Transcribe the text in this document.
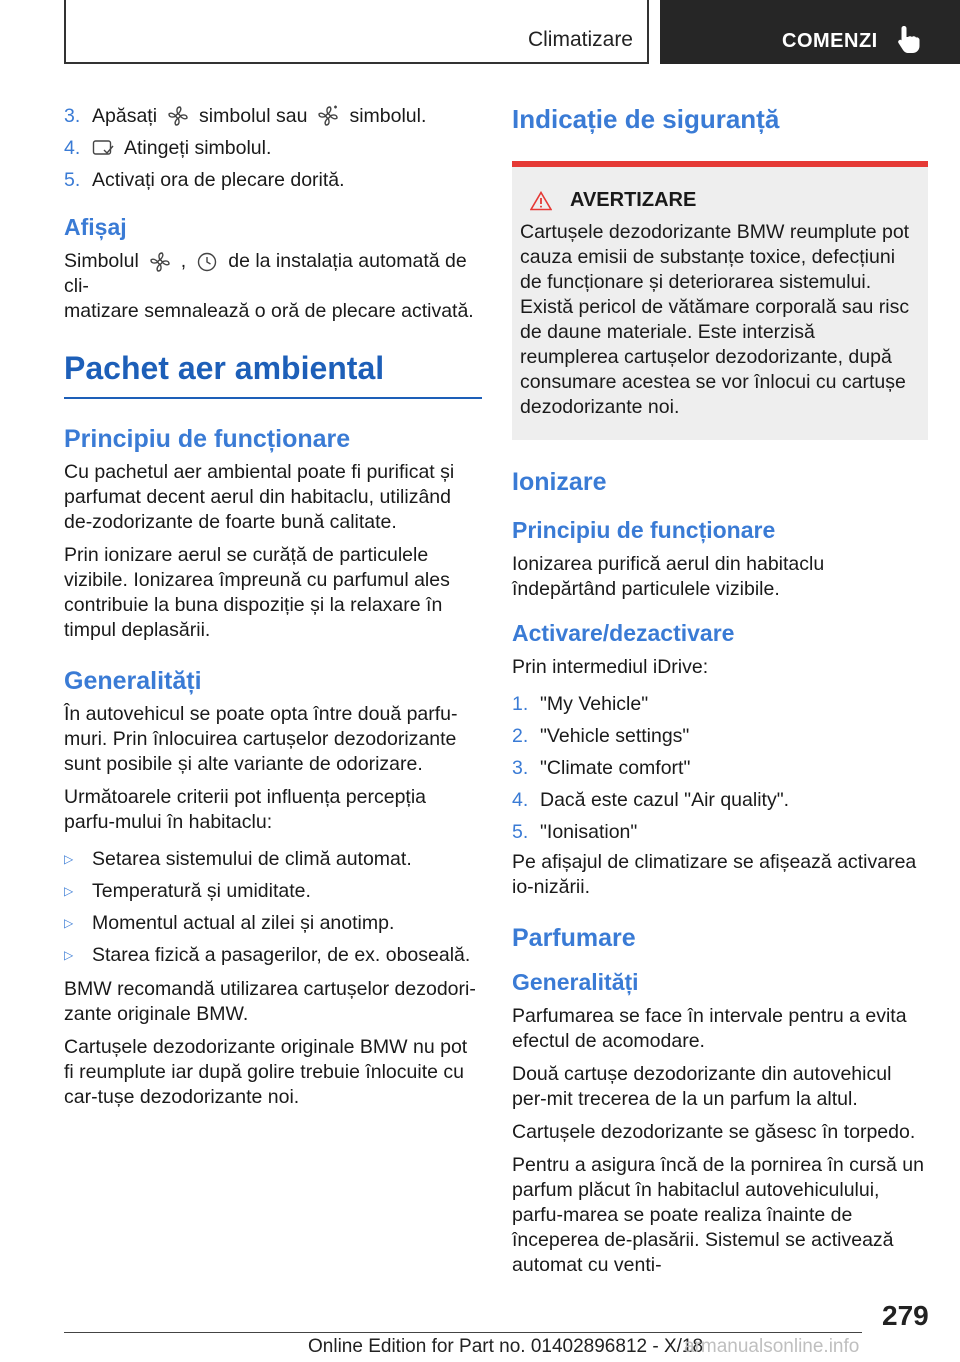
Climatizare	COMENZI
3. Apăsați simbolul sau simbolul.
4.	Atingeți simbolul.
5. Activați ora de plecare dorită.
Afișaj

Simbolul , de la instalația automată de cli-
matizare semnalează o oră de plecare activată.

Pachet aer ambiental
Principiu de funcționare

Cu pachetul aer ambiental poate fi purificat și parfumat decent aerul din habitaclu, utilizând de-zodorizante de foarte bună calitate.

Prin ionizare aerul se curăță de particulele vizibile. Ionizarea împreună cu parfumul ales contribuie la buna dispoziție și la relaxare în timpul deplasării.

Generalități

În autovehicul se poate opta între două parfu-muri. Prin înlocuirea cartușelor dezodorizante sunt posibile și alte variante de odorizare.

Următoarele criterii pot influența percepția parfu-mului în habitaclu:

▷ Setarea sistemului de climă automat.
▷ Temperatură și umiditate.
▷ Momentul actual al zilei și anotimp.
▷ Starea fizică a pasagerilor, de ex. oboseală.

BMW recomandă utilizarea cartușelor dezodori-zante originale BMW.

Cartușele dezodorizante originale BMW nu pot fi reumplute iar după golire trebuie înlocuite cu car-tușe dezodorizante noi.

Indicație de siguranță
AVERTIZARE

Cartușele dezodorizante BMW reumplute pot cauza emisii de substanțe toxice, defecțiuni de funcționare și deteriorarea sistemului. Există pericol de vătămare corporală sau risc de daune materiale. Este interzisă reumplerea cartușelor dezodorizante, după consumare acestea se vor înlocui cu cartușe dezodorizante noi.

Ionizare
Principiu de funcționare

Ionizarea purifică aerul din habitaclu îndepărtând particulele vizibile.

Activare/dezactivare

Prin intermediul iDrive:

1. "My Vehicle"
2. "Vehicle settings"
3. "Climate comfort"
4. Dacă este cazul "Air quality".
5. "Ionisation"

Pe afișajul de climatizare se afișează activarea io-nizării.

Parfumare
Generalități

Parfumarea se face în intervale pentru a evita efectul de acomodare.

Două cartușe dezodorizante din autovehicul per-mit trecerea de la un parfum la altul.

Cartușele dezodorizante se găsesc în torpedo.

Pentru a asigura încă de la pornirea în cursă un parfum plăcut în habitaclul autovehiculului, parfu-marea se poate realiza înainte de începerea de-plasării. Sistemul se activează automat cu venti-

279
Online Edition for Part no. 01402896812 - X/18
armanualsonline.info
